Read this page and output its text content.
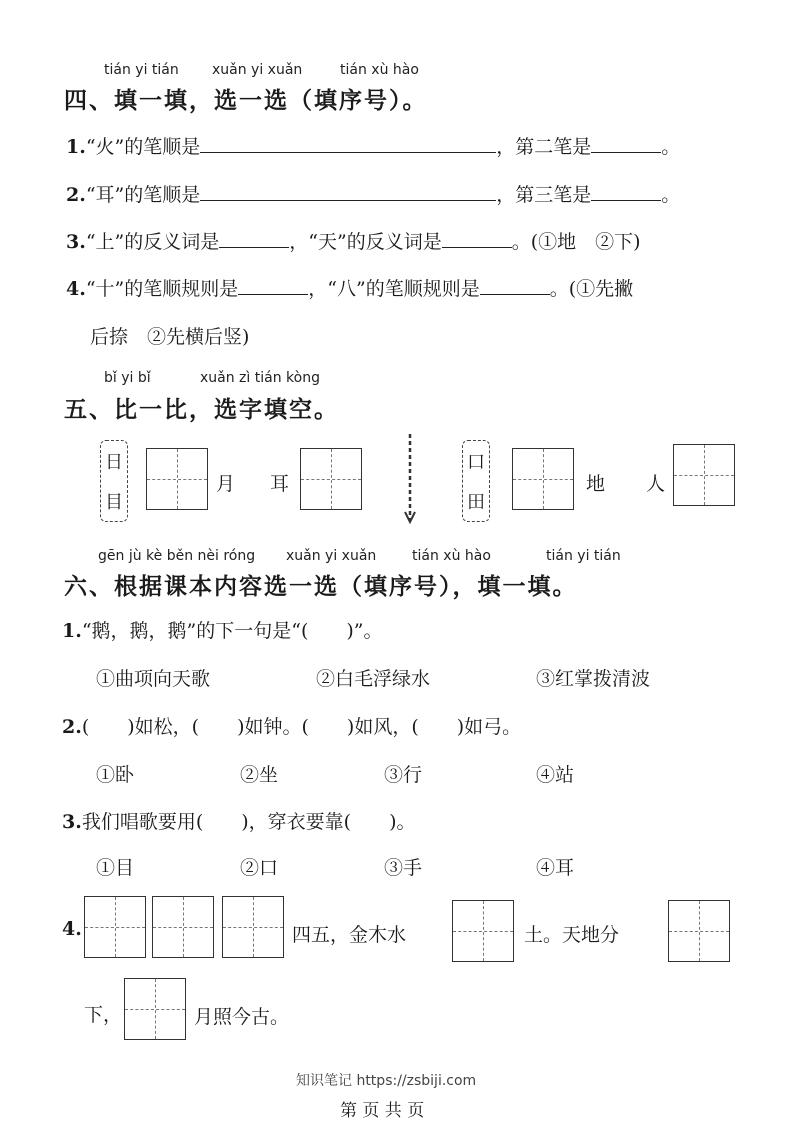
tián yi tián xuǎn yi xuǎn	tián xù hào
四、填一填，选一选（填序号）。
1.“火”的笔顺是	，第二笔是	。
2.“耳”的笔顺是	，第三笔是	。
3.“上”的反义词是	，“天”的反义词是	。(①地　②下)
4.“十”的笔顺规则是	，“八”的笔顺规则是	。(①先撇
后捺　②先横后竖)
bǐ yi bǐ	xuǎn zì tián kòng
五、比一比，选字填空。
日
目
月 耳
口
田
地 人
gēn jù kè běn nèi róng xuǎn yi xuǎn	tián xù hào	tián yi tián
六、根据课本内容选一选（填序号），填一填。
1.“鹅，鹅，鹅”的下一句是“(　　)”。
①曲项向天歌	②白毛浮绿水	③红掌拨清波
2.(　　)如松，(　　)如钟。(　　)如风，(　　)如弓。
①卧	②坐	③行	④站
3.我们唱歌要用(　　)，穿衣要靠(　　)。
①目	②口	③手	④耳
4.	四五，金木水	土。天地分
下，	月照今古。
知识笔记 https://zsbiji.com
第 页 共 页
